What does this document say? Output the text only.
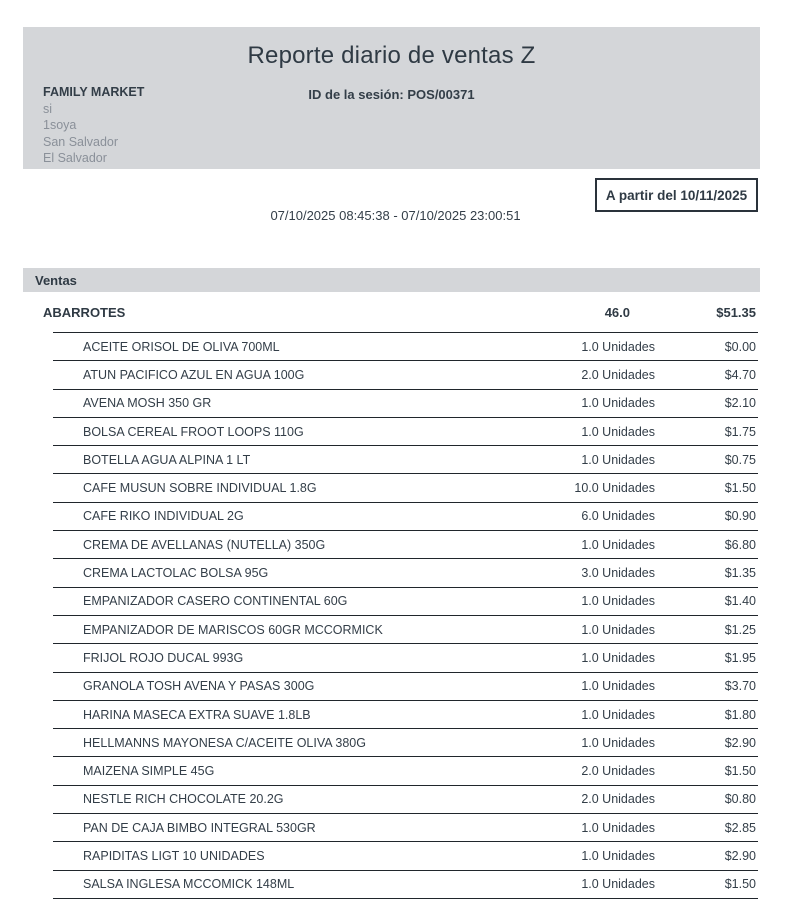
Reporte diario de ventas Z
FAMILY MARKET
si
1soya
San Salvador
El Salvador
ID de la sesión: POS/00371
A partir del 10/11/2025
07/10/2025 08:45:38 - 07/10/2025 23:00:51
Ventas
ABARROTES	46.0	$51.35
ACEITE ORISOL DE OLIVA 700ML	1.0 Unidades	$0.00
ATUN PACIFICO AZUL EN AGUA 100G	2.0 Unidades	$4.70
AVENA MOSH 350 GR	1.0 Unidades	$2.10
BOLSA CEREAL FROOT LOOPS 110G	1.0 Unidades	$1.75
BOTELLA AGUA ALPINA 1 LT	1.0 Unidades	$0.75
CAFE MUSUN SOBRE INDIVIDUAL 1.8G	10.0 Unidades	$1.50
CAFE RIKO INDIVIDUAL 2G	6.0 Unidades	$0.90
CREMA DE AVELLANAS (NUTELLA) 350G	1.0 Unidades	$6.80
CREMA LACTOLAC BOLSA 95G	3.0 Unidades	$1.35
EMPANIZADOR CASERO CONTINENTAL 60G	1.0 Unidades	$1.40
EMPANIZADOR DE MARISCOS 60GR MCCORMICK	1.0 Unidades	$1.25
FRIJOL ROJO DUCAL 993G	1.0 Unidades	$1.95
GRANOLA TOSH AVENA Y PASAS 300G	1.0 Unidades	$3.70
HARINA MASECA EXTRA SUAVE 1.8LB	1.0 Unidades	$1.80
HELLMANNS MAYONESA C/ACEITE OLIVA 380G	1.0 Unidades	$2.90
MAIZENA SIMPLE 45G	2.0 Unidades	$1.50
NESTLE RICH CHOCOLATE 20.2G	2.0 Unidades	$0.80
PAN DE CAJA BIMBO INTEGRAL 530GR	1.0 Unidades	$2.85
RAPIDITAS LIGT 10 UNIDADES	1.0 Unidades	$2.90
SALSA INGLESA MCCOMICK 148ML	1.0 Unidades	$1.50
